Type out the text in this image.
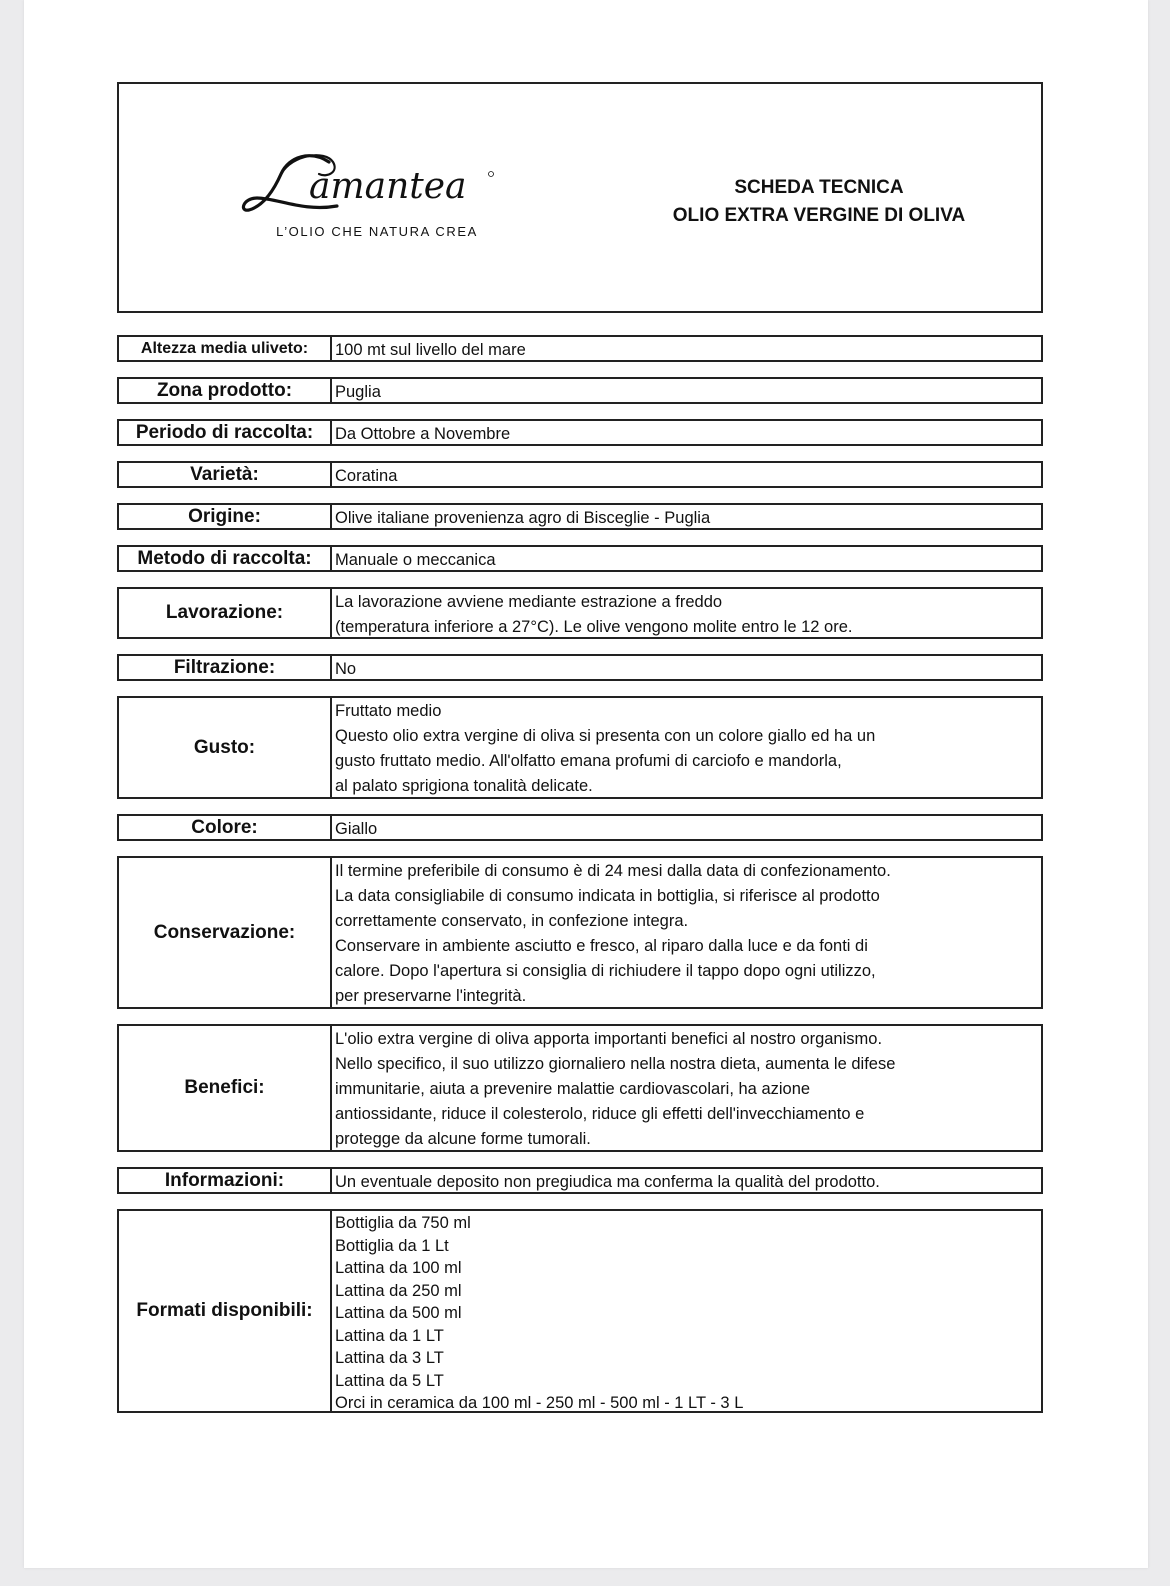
amantea
L’OLIO CHE NATURA CREA
SCHEDA TECNICA
OLIO EXTRA VERGINE DI OLIVA
Altezza media uliveto:	100 mt sul livello del mare
Zona prodotto:	Puglia
Periodo di raccolta:	Da Ottobre a Novembre
Varietà:	Coratina
Origine:	Olive italiane provenienza agro di Bisceglie - Puglia
Metodo di raccolta:	Manuale o meccanica
Lavorazione:	La lavorazione avviene mediante estrazione a freddo
(temperatura inferiore a 27°C). Le olive vengono molite entro le 12 ore.
Filtrazione:	No
Gusto:
Fruttato medio
Questo olio extra vergine di oliva si presenta con un colore giallo ed ha un
gusto fruttato medio. All'olfatto emana profumi di carciofo e mandorla,
al palato sprigiona tonalità delicate.
Colore:	Giallo
Conservazione:
Il termine preferibile di consumo è di 24 mesi dalla data di confezionamento.
La data consigliabile di consumo indicata in bottiglia, si riferisce al prodotto
correttamente conservato, in confezione integra.
Conservare in ambiente asciutto e fresco, al riparo dalla luce e da fonti di
calore. Dopo l'apertura si consiglia di richiudere il tappo dopo ogni utilizzo,
per preservarne l'integrità.
Benefici:
L'olio extra vergine di oliva apporta importanti benefici al nostro organismo.
Nello specifico, il suo utilizzo giornaliero nella nostra dieta, aumenta le difese
immunitarie, aiuta a prevenire malattie cardiovascolari, ha azione
antiossidante, riduce il colesterolo, riduce gli effetti dell'invecchiamento e
protegge da alcune forme tumorali.
Informazioni:	Un eventuale deposito non pregiudica ma conferma la qualità del prodotto.
Formati disponibili:
Bottiglia da 750 ml
Bottiglia da 1 Lt
Lattina da 100 ml
Lattina da 250 ml
Lattina da 500 ml
Lattina da 1 LT
Lattina da 3 LT
Lattina da 5 LT
Orci in ceramica da 100 ml - 250 ml - 500 ml - 1 LT - 3 L
